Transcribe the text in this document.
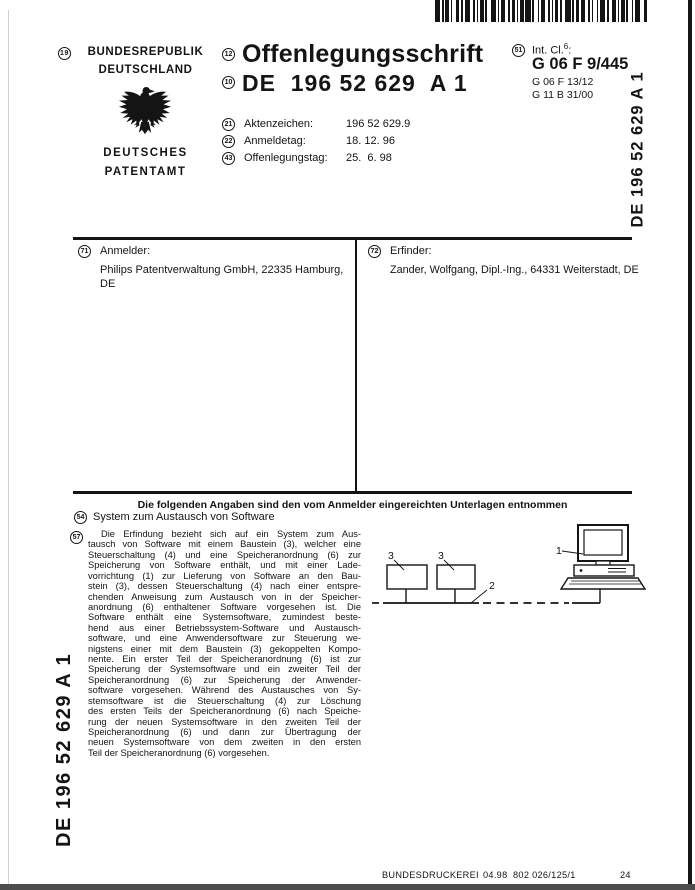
19 BUNDESREPUBLIK
DEUTSCHLAND
DEUTSCHES
PATENTAMT
12 Offenlegungsschrift
10 DE  196 52 629  A 1
21 Aktenzeichen:	196 52 629.9
22 Anmeldetag:	18. 12. 96
43 Offenlegungstag: 25.  6. 98
51 Int. Cl.$^6$:
G 06 F 9/445
G 06 F 13/12
G 11 B 31/00 DE 196 52 629 A 1
DE 196 52 629 A 1
71 Anmelder:
Philips Patentverwaltung GmbH, 22335 Hamburg, DE
72 Erfinder:
Zander, Wolfgang, Dipl.-Ing., 64331 Weiterstadt, DE
Die folgenden Angaben sind den vom Anmelder eingereichten Unterlagen entnommen
54 System zum Austausch von Software
57	Die Erfindung bezieht sich auf ein System zum Aus-
tausch von Software mit einem Baustein (3), welcher eine
Steuerschaltung (4) und eine Speicheranordnung (6) zur
Speicherung von Software enthält, und mit einer Lade-
vorrichtung (1) zur Lieferung von Software an den Bau-
stein (3), dessen Steuerschaltung (4) nach einer entspre-
chenden Anweisung zum Austausch von in der Speicher-
anordnung (6) enthaltener Software vorgesehen ist. Die
Software enthält eine Systemsoftware, zumindest beste-
hend aus einer Betriebssystem-Software und Austausch-
software, und eine Anwendersoftware zur Steuerung we-
nigstens einer mit dem Baustein (3) gekoppelten Kompo-
nente. Ein erster Teil der Speicheranordnung (6) ist zur
Speicherung der Systemsoftware und ein zweiter Teil der
Speicheranordnung (6) zur Speicherung der Anwender-
software vorgesehen. Während des Austausches von Sy-
stemsoftware ist die Steuerschaltung (4) zur Löschung
des ersten Teils der Speicheranordnung (6) nach Speiche-
rung der neuen Systemsoftware in den zweiten Teil der
Speicheranordnung (6) und dann zur Übertragung der
neuen Systemsoftware von dem zweiten in den ersten
Teil der Speicheranordnung (6) vorgesehen.
3	3
2
1
BUNDESDRUCKEREI 04.98 802 026/125/1	24
